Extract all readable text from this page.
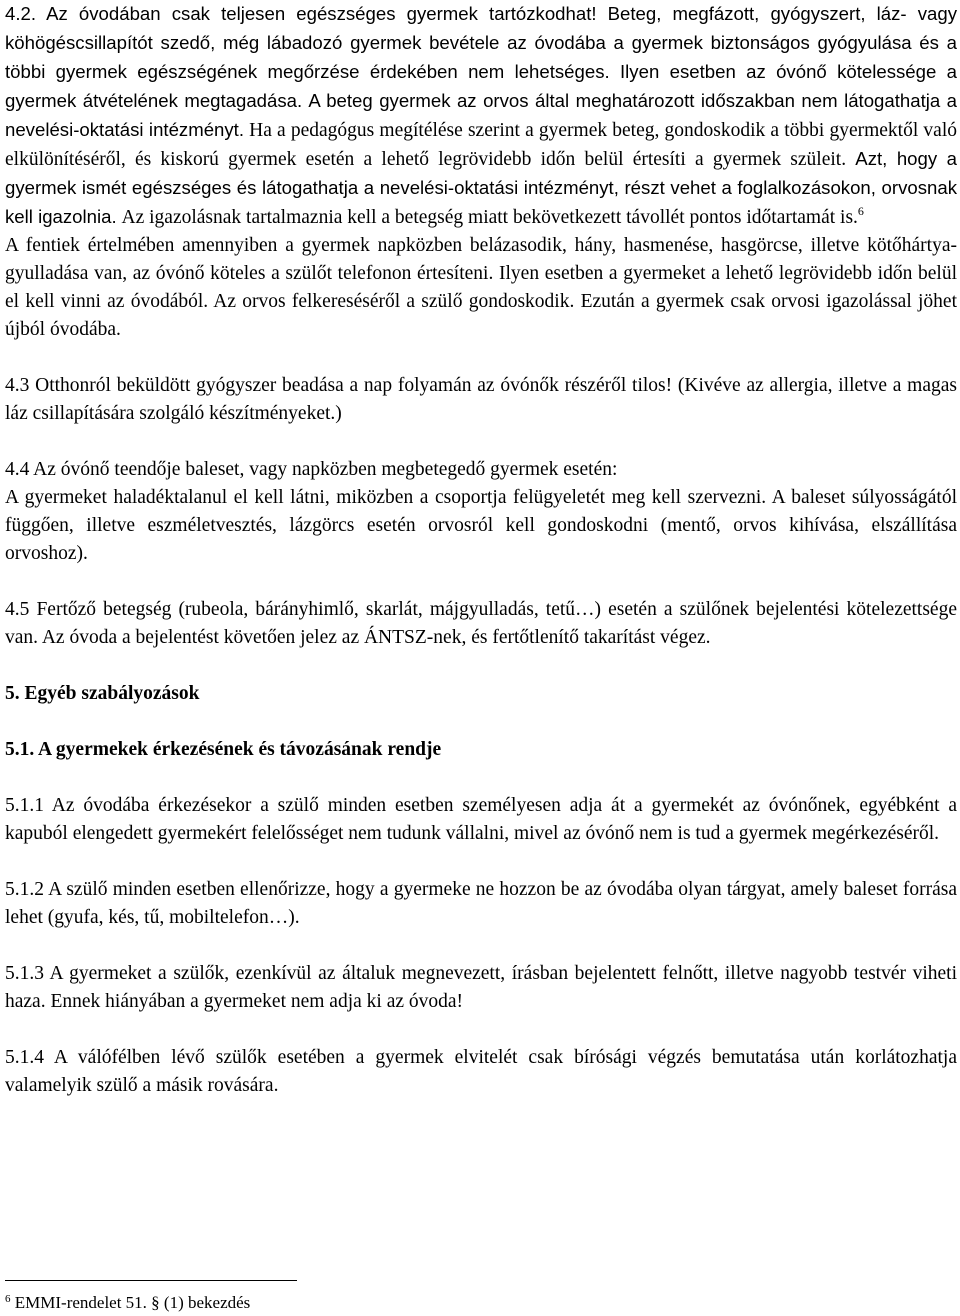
4.2. Az óvodában csak teljesen egészséges gyermek tartózkodhat! Beteg, megfázott, gyógyszert, láz- vagy köhögéscsillapítót szedő, még lábadozó gyermek bevétele az óvodába a gyermek biztonságos gyógyulása és a többi gyermek egészségének megőrzése érdekében nem lehetséges. Ilyen esetben az óvónő kötelessége a gyermek átvételének megtagadása. A beteg gyermek az orvos által meghatározott időszakban nem látogathatja a nevelési-oktatási intézményt. Ha a pedagógus megítélése szerint a gyermek beteg, gondoskodik a többi gyermektől való elkülönítéséről, és kiskorú gyermek esetén a lehető legrövidebb időn belül értesíti a gyermek szüleit. Azt, hogy a gyermek ismét egészséges és látogathatja a nevelési-oktatási intézményt, részt vehet a foglalkozásokon, orvosnak kell igazolnia. Az igazolásnak tartalmaznia kell a betegség miatt bekövetkezett távollét pontos időtartamát is.$^6$

A fentiek értelmében amennyiben a gyermek napközben belázasodik, hány, hasmenése, hasgörcse, illetve kötőhártya-gyulladása van, az óvónő köteles a szülőt telefonon értesíteni. Ilyen esetben a gyermeket a lehető legrövidebb időn belül el kell vinni az óvodából. Az orvos felkereséséről a szülő gondoskodik. Ezután a gyermek csak orvosi igazolással jöhet újból óvodába.

4.3 Otthonról beküldött gyógyszer beadása a nap folyamán az óvónők részéről tilos! (Kivéve az allergia, illetve a magas láz csillapítására szolgáló készítményeket.)

4.4 Az óvónő teendője baleset, vagy napközben megbetegedő gyermek esetén:

A gyermeket haladéktalanul el kell látni, miközben a csoportja felügyeletét meg kell szervezni. A baleset súlyosságától függően, illetve eszméletvesztés, lázgörcs esetén orvosról kell gondoskodni (mentő, orvos kihívása, elszállítása orvoshoz).

4.5 Fertőző betegség (rubeola, bárányhimlő, skarlát, májgyulladás, tetű…) esetén a szülőnek bejelentési kötelezettsége van. Az óvoda a bejelentést követően jelez az ÁNTSZ-nek, és fertőtlenítő takarítást végez.

5. Egyéb szabályozások

5.1. A gyermekek érkezésének és távozásának rendje

5.1.1 Az óvodába érkezésekor a szülő minden esetben személyesen adja át a gyermekét az óvónőnek, egyébként a kapuból elengedett gyermekért felelősséget nem tudunk vállalni, mivel az óvónő nem is tud a gyermek megérkezéséről.

5.1.2 A szülő minden esetben ellenőrizze, hogy a gyermeke ne hozzon be az óvodába olyan tárgyat, amely baleset forrása lehet (gyufa, kés, tű, mobiltelefon…).

5.1.3 A gyermeket a szülők, ezenkívül az általuk megnevezett, írásban bejelentett felnőtt, illetve nagyobb testvér viheti haza. Ennek hiányában a gyermeket nem adja ki az óvoda!

5.1.4 A válófélben lévő szülők esetében a gyermek elvitelét csak bírósági végzés bemutatása után korlátozhatja valamelyik szülő a másik rovására.

$^6$ EMMI-rendelet 51. § (1) bekezdés
